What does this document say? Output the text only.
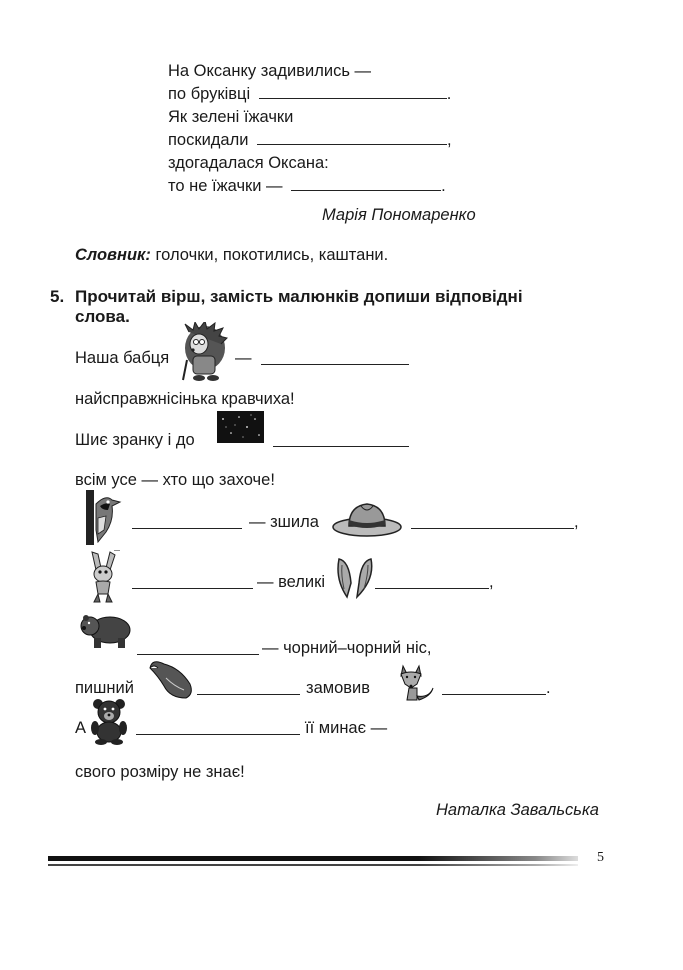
На Оксанку задивились —
по бруківці	.
Як зелені їжачки
поскидали	,
здогадалася Оксана:
то не їжачки —	.
Марія Пономаренко
Словник: голочки, покотились, каштани.
5. Прочитай вірш, замість малюнків допиши відповідні
слова.
Наша бабця	—
найсправжнісінька кравчиха!
Шиє зранку і до
всім усе — хто що захоче!
— зшила	,
— великі	,
— чорний–чорний ніс,
пишний	замовив	.
А	її минає —
свого розміру не знає!
Наталка Завальська
5
